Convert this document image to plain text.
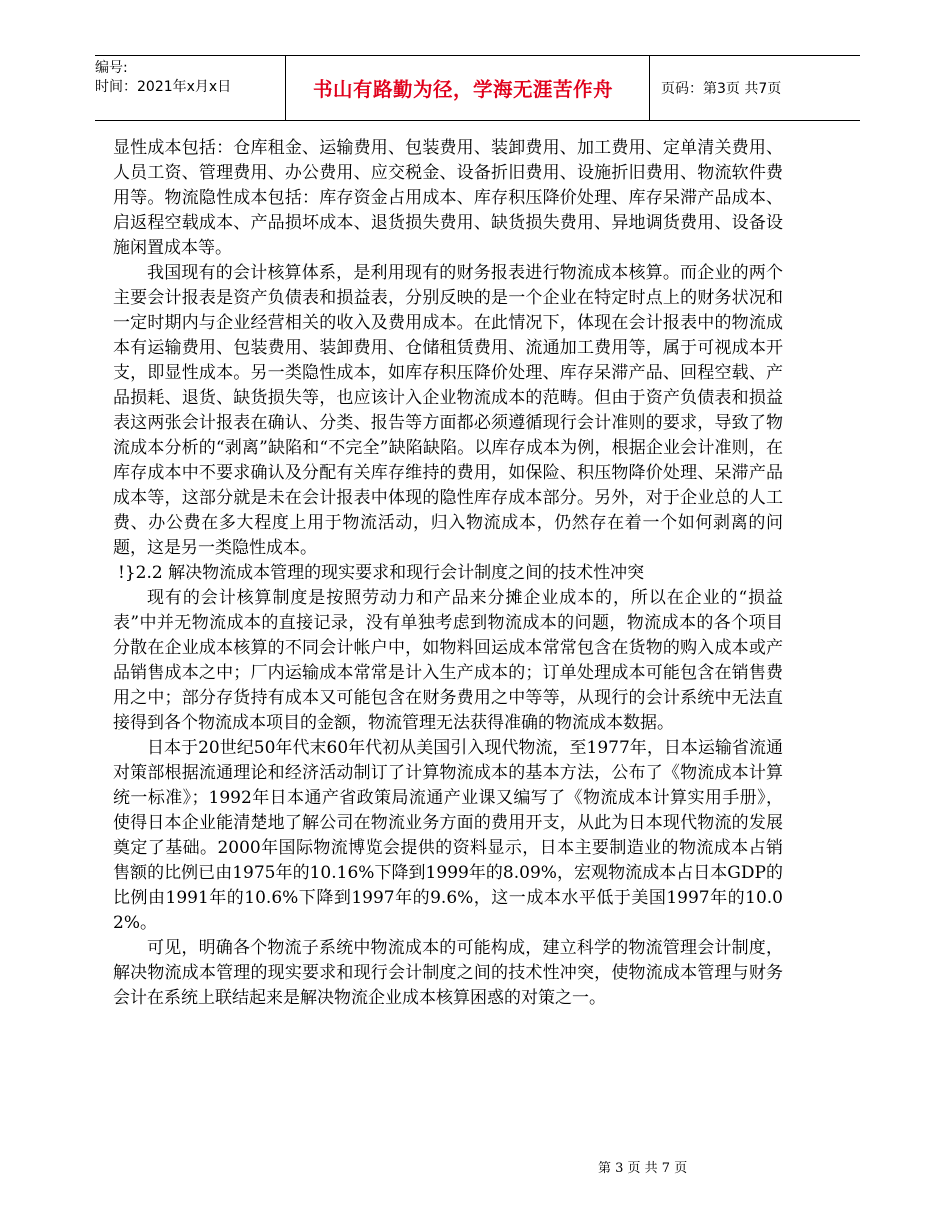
编号:
时间：2021年x月x日	书山有路勤为径，学海无涯苦作舟	页码：第3页 共7页

显性成本包括：仓库租金、运输费用、包装费用、装卸费用、加工费用、定单清关费用、人员工资、管理费用、办公费用、应交税金、设备折旧费用、设施折旧费用、物流软件费用等。物流隐性成本包括：库存资金占用成本、库存积压降价处理、库存呆滞产品成本、启返程空载成本、产品损坏成本、退货损失费用、缺货损失费用、异地调货费用、设备设施闲置成本等。

我国现有的会计核算体系，是利用现有的财务报表进行物流成本核算。而企业的两个主要会计报表是资产负债表和损益表，分别反映的是一个企业在特定时点上的财务状况和一定时期内与企业经营相关的收入及费用成本。在此情况下，体现在会计报表中的物流成本有运输费用、包装费用、装卸费用、仓储租赁费用、流通加工费用等，属于可视成本开支，即显性成本。另一类隐性成本，如库存积压降价处理、库存呆滞产品、回程空载、产品损耗、退货、缺货损失等，也应该计入企业物流成本的范畴。但由于资产负债表和损益表这两张会计报表在确认、分类、报告等方面都必须遵循现行会计准则的要求，导致了物流成本分析的“剥离”缺陷和“不完全”缺陷缺陷。以库存成本为例，根据企业会计准则，在库存成本中不要求确认及分配有关库存维持的费用，如保险、积压物降价处理、呆滞产品成本等，这部分就是未在会计报表中体现的隐性库存成本部分。另外，对于企业总的人工费、办公费在多大程度上用于物流活动，归入物流成本，仍然存在着一个如何剥离的问题，这是另一类隐性成本。

!}2.2 解决物流成本管理的现实要求和现行会计制度之间的技术性冲突

现有的会计核算制度是按照劳动力和产品来分摊企业成本的，所以在企业的“损益表”中并无物流成本的直接记录，没有单独考虑到物流成本的问题，物流成本的各个项目分散在企业成本核算的不同会计帐户中，如物料回运成本常常包含在货物的购入成本或产品销售成本之中；厂内运输成本常常是计入生产成本的；订单处理成本可能包含在销售费用之中；部分存货持有成本又可能包含在财务费用之中等等，从现行的会计系统中无法直接得到各个物流成本项目的金额，物流管理无法获得准确的物流成本数据。

日本于20世纪50年代末60年代初从美国引入现代物流，至1977年，日本运输省流通对策部根据流通理论和经济活动制订了计算物流成本的基本方法，公布了《物流成本计算统一标准》；1992年日本通产省政策局流通产业课又编写了《物流成本计算实用手册》，使得日本企业能清楚地了解公司在物流业务方面的费用开支，从此为日本现代物流的发展奠定了基础。2000年国际物流博览会提供的资料显示，日本主要制造业的物流成本占销售额的比例已由1975年的10.16%下降到1999年的8.09%，宏观物流成本占日本GDP的比例由1991年的10.6%下降到1997年的9.6%，这一成本水平低于美国1997年的10.02%。

可见，明确各个物流子系统中物流成本的可能构成，建立科学的物流管理会计制度，解决物流成本管理的现实要求和现行会计制度之间的技术性冲突，使物流成本管理与财务会计在系统上联结起来是解决物流企业成本核算困惑的对策之一。

第 3 页 共 7 页
